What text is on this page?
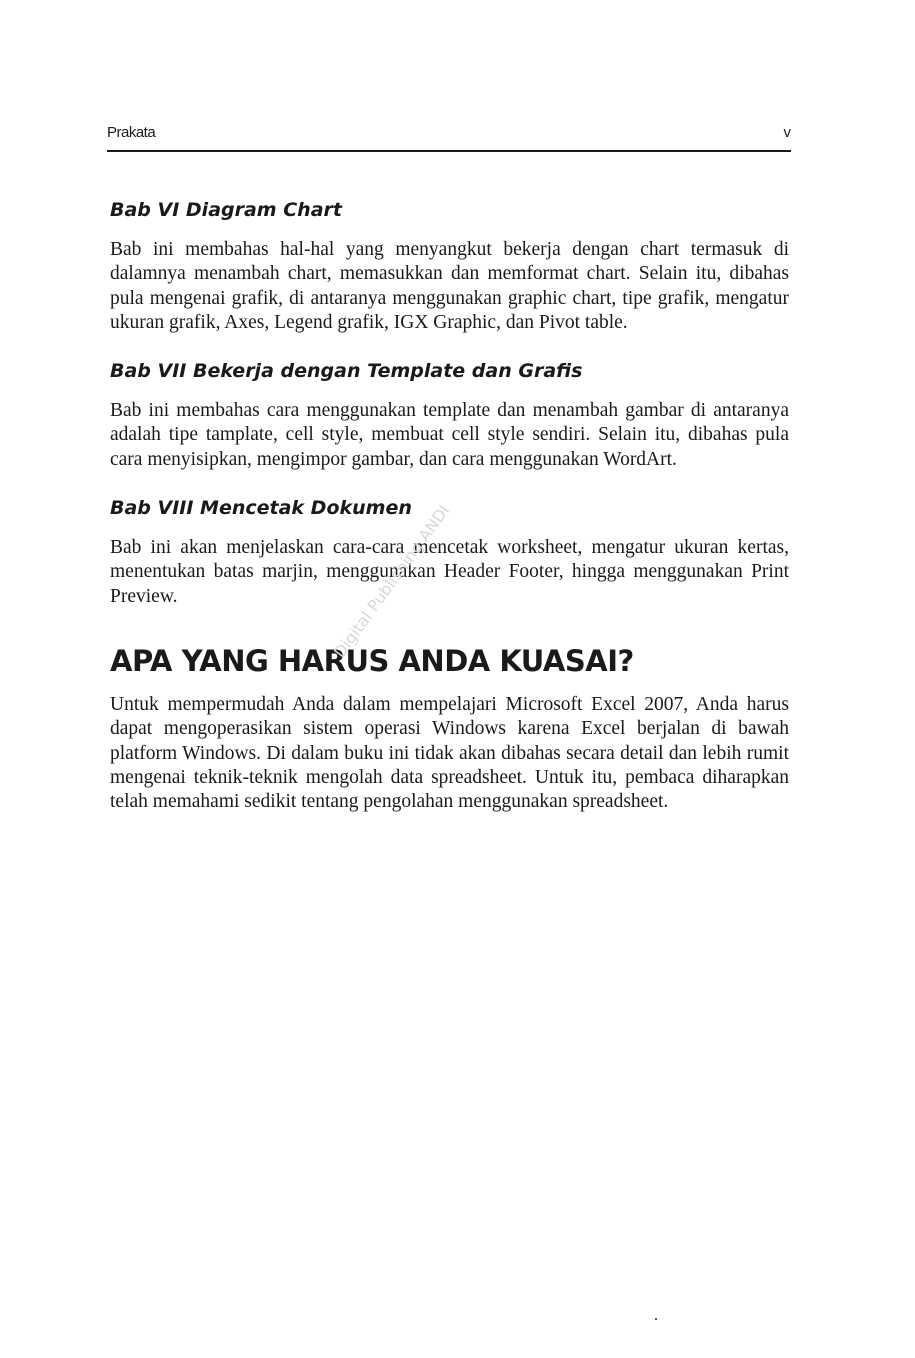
Prakata	v
Bab VI Diagram Chart

Bab ini membahas hal-hal yang menyangkut bekerja dengan chart termasuk di dalamnya menambah chart, memasukkan dan memformat chart. Selain itu, dibahas pula mengenai grafik, di antaranya menggunakan graphic chart, tipe grafik, mengatur ukuran grafik, Axes, Legend grafik, IGX Graphic, dan Pivot table.

Bab VII Bekerja dengan Template dan Grafis

Bab ini membahas cara menggunakan template dan menambah gambar di antaranya adalah tipe tamplate, cell style, membuat cell style sendiri. Selain itu, dibahas pula cara menyisipkan, mengimpor gambar, dan cara menggunakan WordArt.

Bab VIII Mencetak Dokumen

Bab ini akan menjelaskan cara-cara mencetak worksheet, mengatur ukuran kertas, menentukan batas marjin, menggunakan Header Footer, hingga menggunakan Print Preview.

APA YANG HARUS ANDA KUASAI?

Untuk mempermudah Anda dalam mempelajari Microsoft Excel 2007, Anda harus dapat mengoperasikan sistem operasi Windows karena Excel berjalan di bawah platform Windows. Di dalam buku ini tidak akan dibahas secara detail dan lebih rumit mengenai teknik-teknik mengolah data spreadsheet. Untuk itu, pembaca diharapkan telah memahami sedikit tentang pengolahan menggunakan spreadsheet.

Digital Publishing ANDI
